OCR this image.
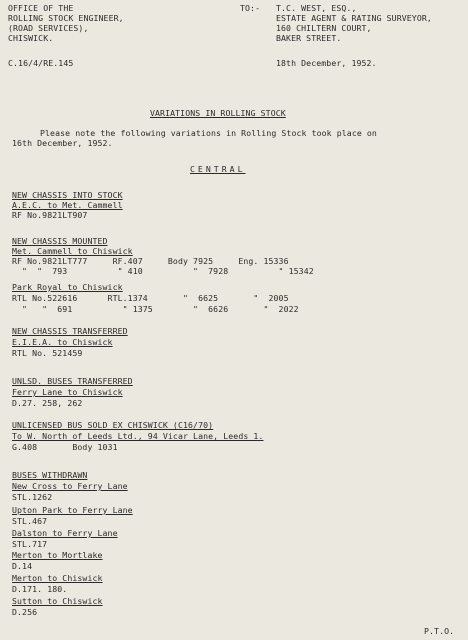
OFFICE OF THE
ROLLING STOCK ENGINEER,
(ROAD SERVICES),
CHISWICK.
C.16/4/RE.145
TO:- T.C. WEST, ESQ.,
ESTATE AGENT & RATING SURVEYOR,
160 CHILTERN COURT,
BAKER STREET.
18th December, 1952.
VARIATIONS IN ROLLING STOCK
Please note the following variations in Rolling Stock took place on
16th December, 1952.
CENTRAL
NEW CHASSIS INTO STOCK
A.E.C. to Met. Cammell
RF No.9821LT907
NEW CHASSIS MOUNTED
Met. Cammell to Chiswick
RF No.9821LT777     RF.407     Body 7925     Eng. 15336
"  "  793          " 410          "  7928          " 15342
Park Royal to Chiswick
RTL No.522616      RTL.1374       "  6625       "  2005
"   "  691          " 1375        "  6626       "  2022
NEW CHASSIS TRANSFERRED
E.I.E.A. to Chiswick
RTL No. 521459
UNLSD. BUSES TRANSFERRED
Ferry Lane to Chiswick
D.27. 258, 262
UNLICENSED BUS SOLD EX CHISWICK (C16/70)
To W. North of Leeds Ltd., 94 Vicar Lane, Leeds 1.
G.408       Body 1031
BUSES WITHDRAWN
New Cross to Ferry Lane
STL.1262
Upton Park to Ferry Lane
STL.467
Dalston to Ferry Lane
STL.717
Merton to Mortlake
D.14
Merton to Chiswick
D.171. 180.
Sutton to Chiswick
D.256
P.T.O.
